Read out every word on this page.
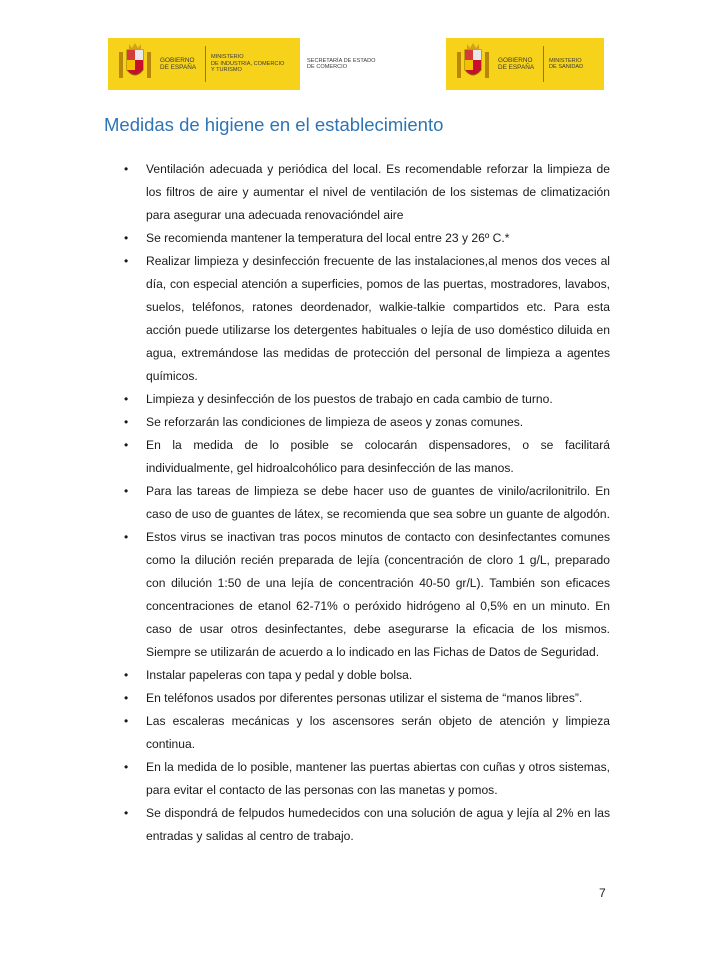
GOBIERNO
DE ESPAÑA
MINISTERIO
DE INDUSTRIA, COMERCIO
Y TURISMO
SECRETARÍA DE ESTADO
DE COMERCIO
GOBIERNO
DE ESPAÑA
MINISTERIO
DE SANIDAD
Medidas de higiene en el establecimiento
• Ventilación adecuada y periódica del local. Es recomendable reforzar la limpieza de los filtros de aire y aumentar el nivel de ventilación de los sistemas de climatización para asegurar una adecuada renovacióndel aire
• Se recomienda mantener la temperatura del local entre 23 y 26º C.*
• Realizar limpieza y desinfección frecuente de las instalaciones,al menos dos veces al día, con especial atención a superficies, pomos de las puertas, mostradores, lavabos, suelos, teléfonos, ratones deordenador, walkie-talkie compartidos etc. Para esta acción puede utilizarse los detergentes habituales o lejía de uso doméstico diluida en agua, extremándose las medidas de protección del personal de limpieza a agentes químicos.
• Limpieza y desinfección de los puestos de trabajo en cada cambio de turno.
• Se reforzarán las condiciones de limpieza de aseos y zonas comunes.
• En la medida de lo posible se colocarán dispensadores, o se facilitará individualmente, gel hidroalcohólico para desinfección de las manos.
• Para las tareas de limpieza se debe hacer uso de guantes de vinilo/acrilonitrilo. En caso de uso de guantes de látex, se recomienda que sea sobre un guante de algodón.
• Estos virus se inactivan tras pocos minutos de contacto con desinfectantes comunes como la dilución recién preparada de lejía (concentración de cloro 1 g/L, preparado con dilución 1:50 de una lejía de concentración 40-50 gr/L). También son eficaces concentraciones de etanol 62-71% o peróxido hidrógeno al 0,5% en un minuto. En caso de usar otros desinfectantes, debe asegurarse la eficacia de los mismos. Siempre se utilizarán de acuerdo a lo indicado en las Fichas de Datos de Seguridad.
• Instalar papeleras con tapa y pedal y doble bolsa.
• En teléfonos usados por diferentes personas utilizar el sistema de “manos libres”.
• Las escaleras mecánicas y los ascensores serán objeto de atención y limpieza continua.
• En la medida de lo posible, mantener las puertas abiertas con cuñas y otros sistemas, para evitar el contacto de las personas con las manetas y pomos.
• Se dispondrá de felpudos humedecidos con una solución de agua y lejía al 2% en las entradas y salidas al centro de trabajo.
7
